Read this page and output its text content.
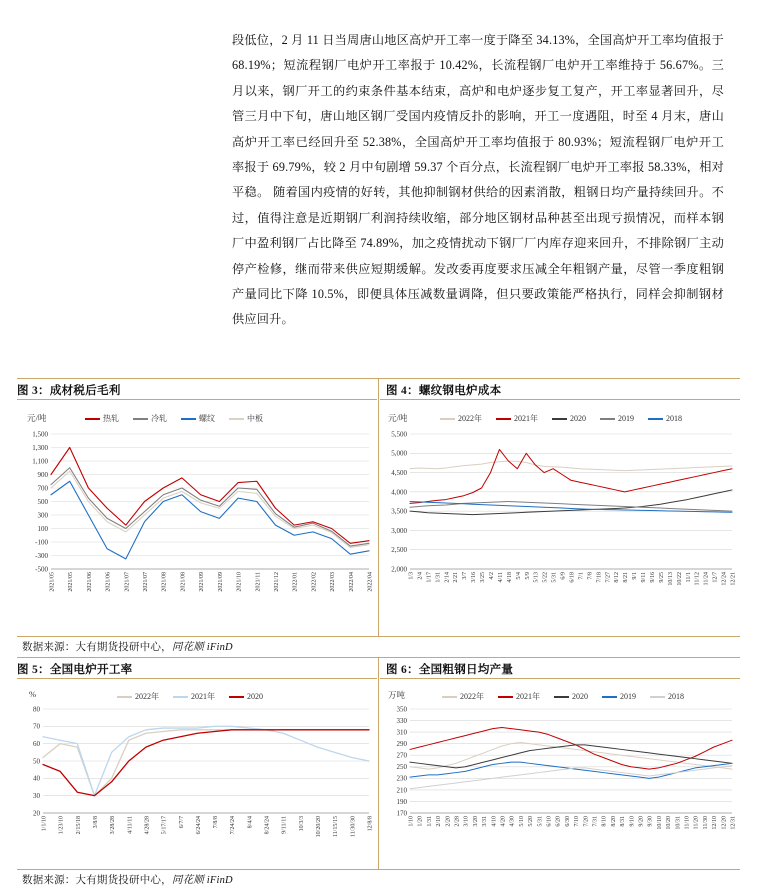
段低位，2 月 11 日当周唐山地区高炉开工率一度于降至 34.13%，全国高炉开工率均值报于 68.19%；短流程钢厂电炉开工率报于 10.42%，长流程钢厂电炉开工率维持于 56.67%。三月以来，钢厂开工的约束条件基本结束，高炉和电炉逐步复工复产，开工率显著回升，尽管三月中下旬，唐山地区钢厂受国内疫情反扑的影响，开工一度遇阻，时至 4 月末，唐山高炉开工率已经回升至 52.38%，全国高炉开工率均值报于 80.93%；短流程钢厂电炉开工率报于 69.79%，较 2 月中旬剧增 59.37 个百分点，长流程钢厂电炉开工率报 58.33%，相对平稳。 随着国内疫情的好转，其他抑制钢材供给的因素消散，粗钢日均产量持续回升。不过，值得注意是近期钢厂利润持续收缩，部分地区钢材品种甚至出现亏损情况，而样本钢厂中盈利钢厂占比降至 74.89%，加之疫情扰动下钢厂厂内库存迎来回升，不排除钢厂主动停产检修，继而带来供应短期缓解。发改委再度要求压减全年粗钢产量，尽管一季度粗钢产量同比下降 10.5%，即便具体压减数量调降，但只要政策能严格执行，同样会抑制钢材供应回升。
图 3：成材税后毛利
元/吨	热轧	冷轧	螺纹	中板
-500
-300
-100
100
300
500
700
900
1,100
1,300
1,500
2021/05 2021/05 2021/06 2021/06 2021/07 2021/07 2021/08 2021/08 2021/09 2021/09 2021/10 2021/11 2021/12 2022/01 2022/02 2022/03 2022/04 2022/04
图 4：螺纹钢电炉成本
元/吨	2022年	2021年	2020	2019	2018
2,000
2,500
3,000
3,500
4,000
4,500
5,000
5,500
1/3 2/4 1/17 1/31 2/14 2/21 3/7 3/16 3/25 4/2 4/11 4/18 5/4 5/9 5/13 5/22 5/31 6/9 6/18 7/1 7/8 7/18 7/27 8/12 8/21 9/1 9/11 9/16 9/25 10/13 10/22 11/1 11/12 11/24 12/7 12/24 12/21
数据来源：大有期货投研中心，同花顺 iFinD
图 5：全国电炉开工率
%	2022年	2021年	2020
20
30
40
50
60
70
80
1/1/10 1/23/10 2/15/18 3/8/8 3/28/28 4/11/11 4/28/28 5/17/17 6/7/7 6/24/24 7/8/8 7/24/24 8/4/4 8/24/24 9/11/11 10/3/3 10/20/20 11/15/15 11/30/30 12/8/8
图 6：全国粗钢日均产量
万吨	2022年	2021年	2020	2019	2018
170
190
210
230
250
270
290
310
330
350
1/10 1/20 1/31 2/10 2/20 2/28 3/10 3/20 3/31 4/10 4/20 4/30 5/10 5/20 5/31 6/10 6/20 6/30 7/10 7/20 7/31 8/10 8/20 8/31 9/10 9/20 9/30 10/10 10/20 10/31 11/10 11/20 11/30 12/10 12/20 12/31
数据来源：大有期货投研中心，同花顺 iFinD
